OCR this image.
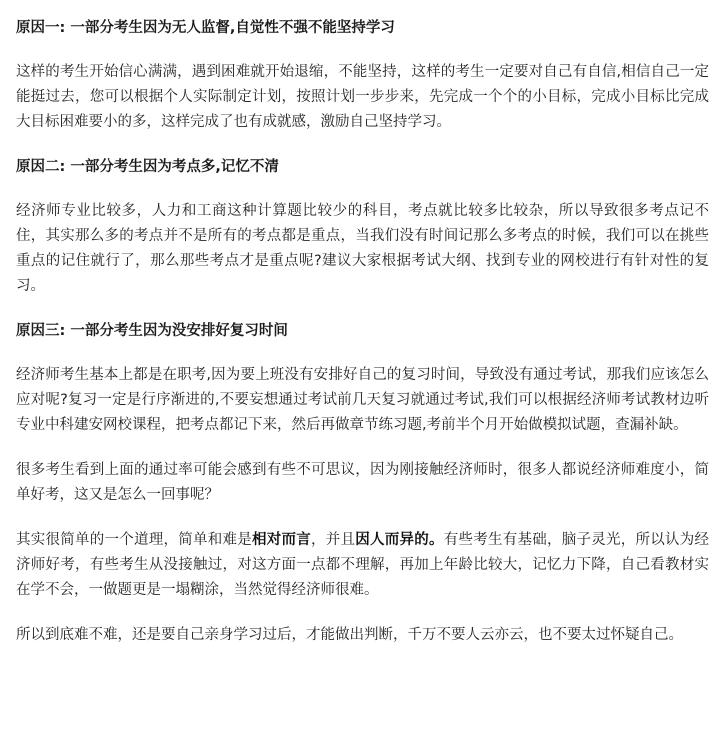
原因一: 一部分考生因为无人监督,自觉性不强不能坚持学习

这样的考生开始信心满满，遇到困难就开始退缩，不能坚持，这样的考生一定要对自己有自信,相信自己一定能挺过去，您可以根据个人实际制定计划，按照计划一步步来，先完成一个个的小目标，完成小目标比完成大目标困难要小的多，这样完成了也有成就感，激励自己坚持学习。

原因二: 一部分考生因为考点多,记忆不清

经济师专业比较多，人力和工商这种计算题比较少的科目，考点就比较多比较杂，所以导致很多考点记不住，其实那么多的考点并不是所有的考点都是重点，当我们没有时间记那么多考点的时候，我们可以在挑些重点的记住就行了，那么那些考点才是重点呢?建议大家根据考试大纲、找到专业的网校进行有针对性的复习。

原因三: 一部分考生因为没安排好复习时间

经济师考生基本上都是在职考,因为要上班没有安排好自己的复习时间，导致没有通过考试，那我们应该怎么应对呢?复习一定是行序渐进的,不要妄想通过考试前几天复习就通过考试,我们可以根据经济师考试教材边听专业中科建安网校课程，把考点都记下来，然后再做章节练习题,考前半个月开始做模拟试题，查漏补缺。

很多考生看到上面的通过率可能会感到有些不可思议，因为刚接触经济师时，很多人都说经济师难度小，简单好考，这又是怎么一回事呢？

其实很简单的一个道理，简单和难是相对而言，并且因人而异的。有些考生有基础，脑子灵光，所以认为经济师好考，有些考生从没接触过，对这方面一点都不理解，再加上年龄比较大，记忆力下降，自己看教材实在学不会，一做题更是一塌糊涂，当然觉得经济师很难。

所以到底难不难，还是要自己亲身学习过后，才能做出判断，千万不要人云亦云，也不要太过怀疑自己。
